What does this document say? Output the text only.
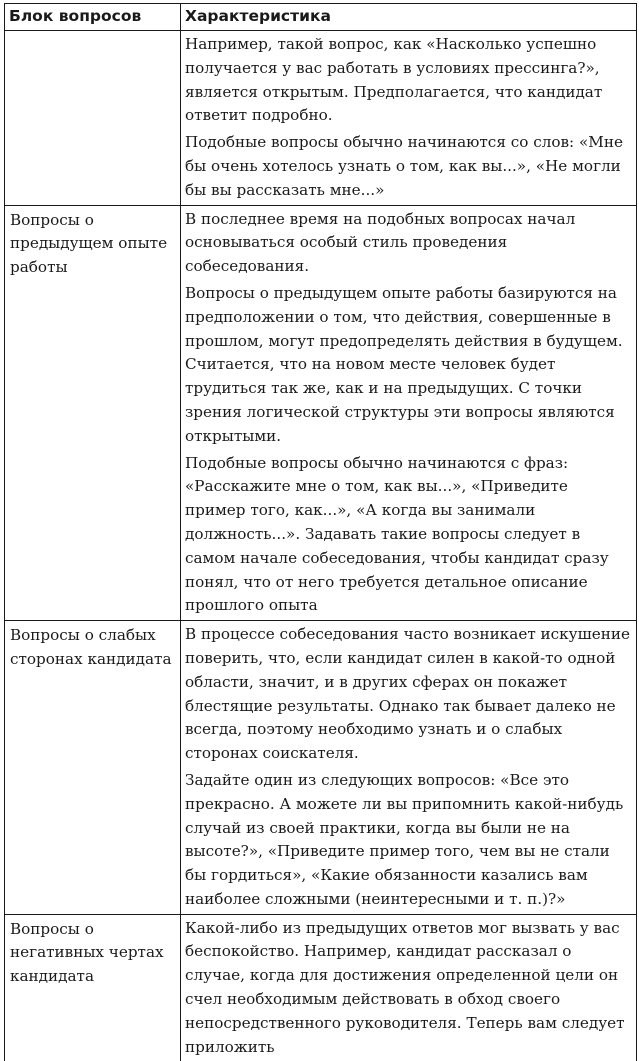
Блок вопросов	Характеристика

	Например, такой вопрос, как «Насколько успешно получается у вас работать в условиях прессинга?», является открытым. Предполагается, что кандидат ответит подробно.

Подобные вопросы обычно начинаются со слов: «Мне бы очень хотелось узнать о том, как вы...», «Не могли бы вы рассказать мне...»

Вопросы о предыдущем опыте работы	В последнее время на подобных вопросах начал основываться особый стиль проведения собеседования.

Вопросы о предыдущем опыте работы базируются на предположении о том, что действия, совершенные в прошлом, могут предопределять действия в будущем. Считается, что на новом месте человек будет трудиться так же, как и на предыдущих. С точки зрения логической структуры эти вопросы являются открытыми.

Подобные вопросы обычно начинаются с фраз: «Расскажите мне о том, как вы...», «Приведите пример того, как...», «А когда вы занимали должность...». Задавать такие вопросы следует в самом начале собеседования, чтобы кандидат сразу понял, что от него требуется детальное описание прошлого опыта

Вопросы о слабых сторонах кандидата	В процессе собеседования часто возникает искушение поверить, что, если кандидат силен в какой-то одной области, значит, и в других сферах он покажет блестящие результаты. Однако так бывает далеко не всегда, поэтому необходимо узнать и о слабых сторонах соискателя.

Задайте один из следующих вопросов: «Все это прекрасно. А можете ли вы припомнить какой-нибудь случай из своей практики, когда вы были не на высоте?», «Приведите пример того, чем вы не стали бы гордиться», «Какие обязанности казались вам наиболее сложными (неинтересными и т. п.)?»

Вопросы о негативных чертах кандидата	Какой-либо из предыдущих ответов мог вызвать у вас беспокойство. Например, кандидат рассказал о случае, когда для достижения определенной цели он счел необходимым действовать в обход своего непосредственного руководителя. Теперь вам следует приложить
